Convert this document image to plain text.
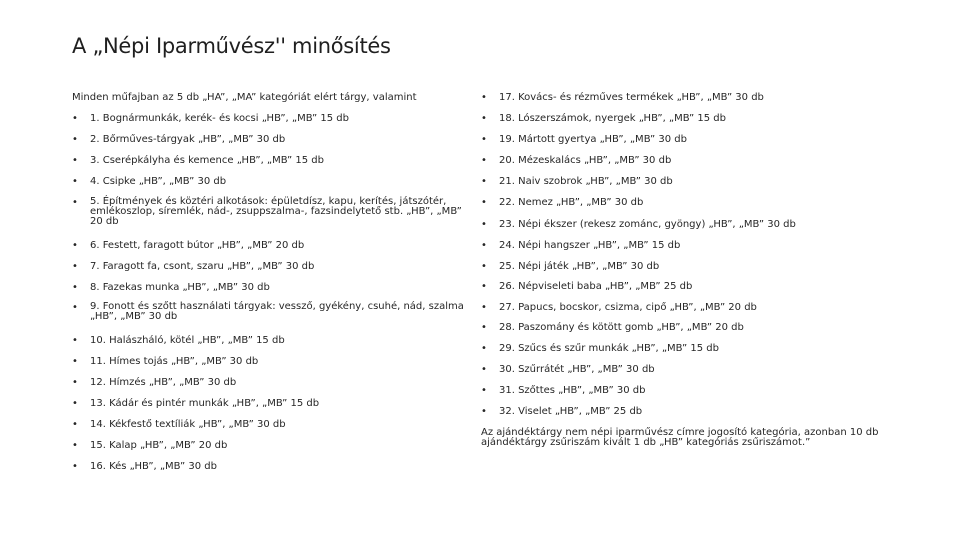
A „Népi Iparművész'' minősítés
Minden műfajban az 5 db „HA”, „MA” kategóriát elért tárgy, valamint
•	1. Bognármunkák, kerék- és kocsi „HB”, „MB” 15 db
•	2. Bőrműves-tárgyak „HB”, „MB” 30 db
•	3. Cserépkályha és kemence „HB”, „MB” 15 db
•	4. Csipke „HB”, „MB” 30 db
•	5. Építmények és köztéri alkotások: épületdísz, kapu, kerítés, játszótér, emlékoszlop, síremlék, nád-, zsuppszalma-, fazsindelytető stb. „HB”, „MB” 20 db
•	6. Festett, faragott bútor „HB”, „MB” 20 db
•	7. Faragott fa, csont, szaru „HB”, „MB” 30 db
•	8. Fazekas munka „HB”, „MB” 30 db
•	9. Fonott és szőtt használati tárgyak: vessző, gyékény, csuhé, nád, szalma „HB”, „MB” 30 db
•	10. Halászháló, kötél „HB”, „MB” 15 db
•	11. Hímes tojás „HB”, „MB” 30 db
•	12. Hímzés „HB”, „MB” 30 db
•	13. Kádár és pintér munkák „HB”, „MB” 15 db
•	14. Kékfestő textíliák „HB”, „MB” 30 db
•	15. Kalap „HB”, „MB” 20 db
•	16. Kés „HB”, „MB” 30 db
•	17. Kovács- és rézműves termékek „HB”, „MB” 30 db
•	18. Lószerszámok, nyergek „HB”, „MB” 15 db
•	19. Mártott gyertya „HB”, „MB” 30 db
•	20. Mézeskalács „HB”, „MB” 30 db
•	21. Naiv szobrok „HB”, „MB” 30 db
•	22. Nemez „HB”, „MB” 30 db
•	23. Népi ékszer (rekesz zománc, gyöngy) „HB”, „MB” 30 db
•	24. Népi hangszer „HB”, „MB” 15 db
•	25. Népi játék „HB”, „MB” 30 db
•	26. Népviseleti baba „HB”, „MB” 25 db
•	27. Papucs, bocskor, csizma, cipő „HB”, „MB” 20 db
•	28. Paszomány és kötött gomb „HB”, „MB” 20 db
•	29. Szűcs és szűr munkák „HB”, „MB” 15 db
•	30. Szűrrátét „HB”, „MB” 30 db
•	31. Szőttes „HB”, „MB” 30 db
•	32. Viselet „HB”, „MB” 25 db
Az ajándéktárgy nem népi iparművész címre jogosító kategória, azonban 10 db ajándéktárgy zsűriszám kivált 1 db „HB” kategóriás zsűriszámot.”
